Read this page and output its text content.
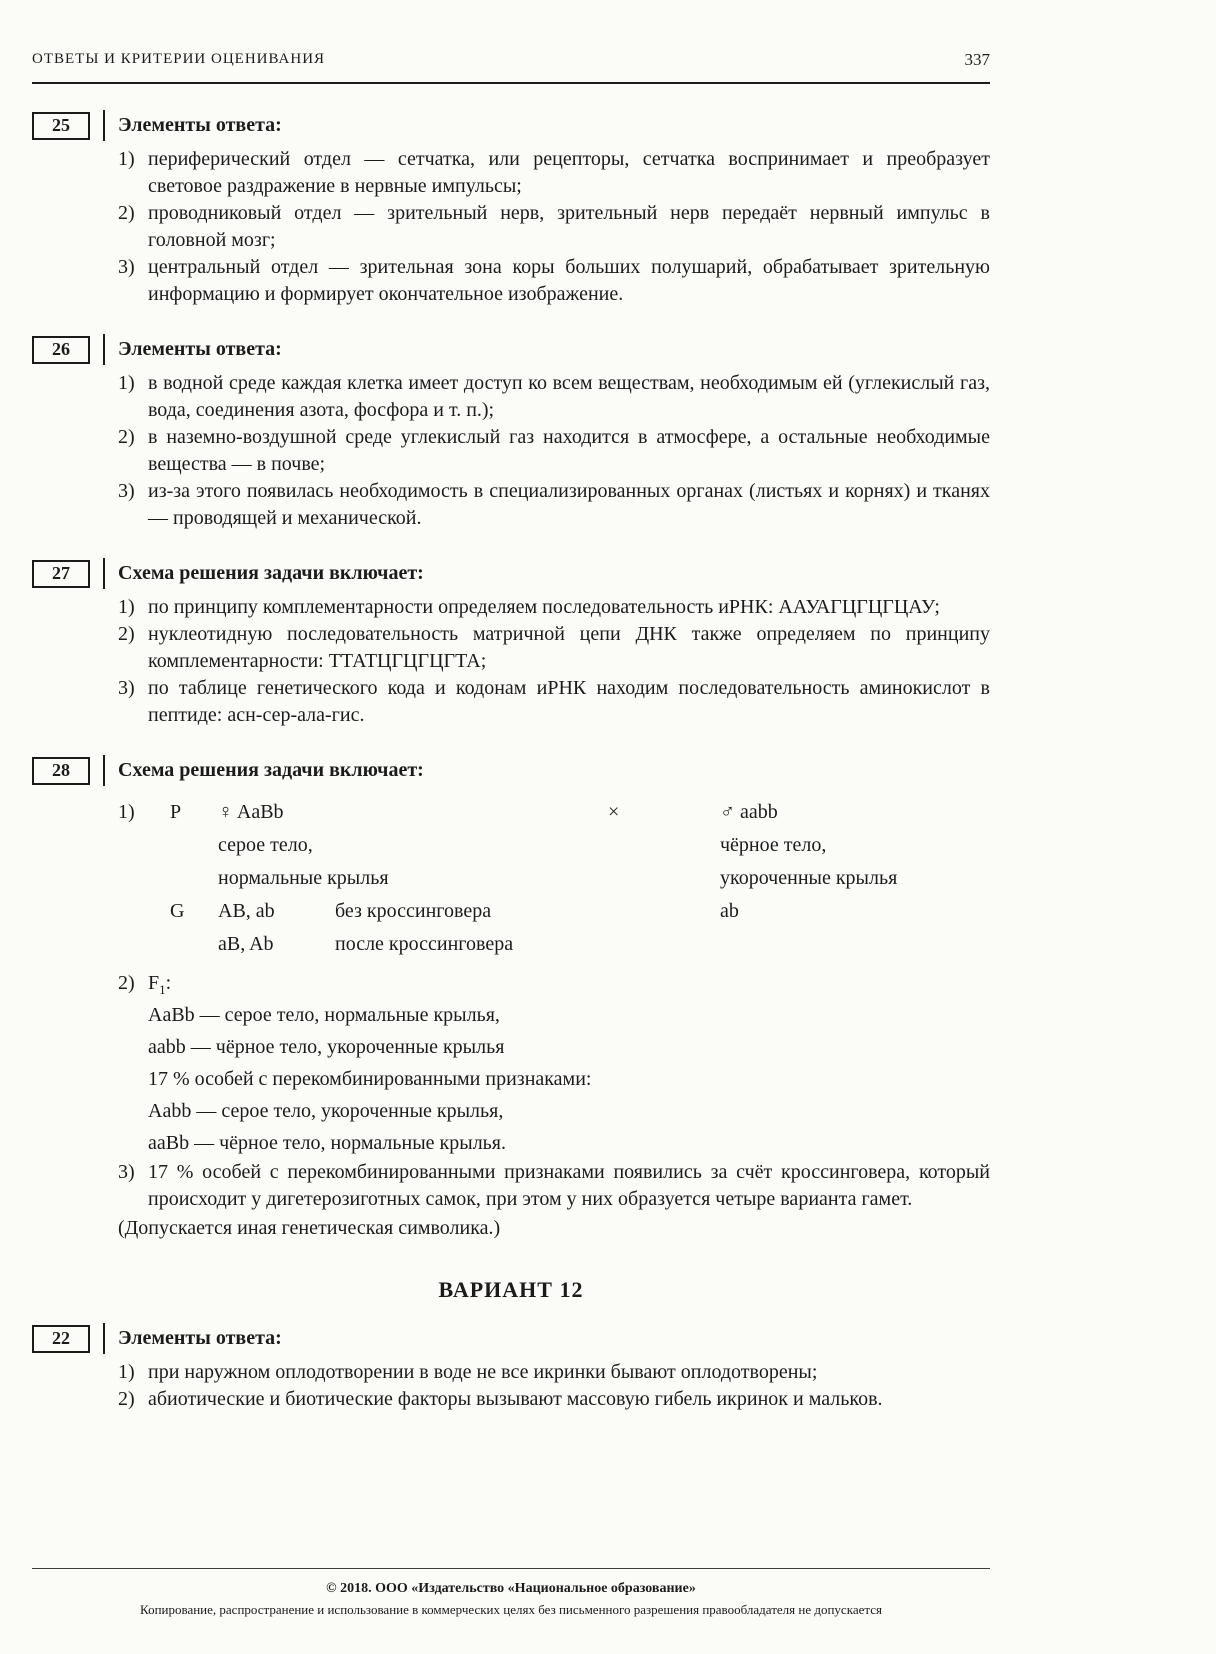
ОТВЕТЫ И КРИТЕРИИ ОЦЕНИВАНИЯ	337
25	Элементы ответа:
1) периферический отдел — сетчатка, или рецепторы, сетчатка воспринимает и преобразует световое раздражение в нервные импульсы;
2) проводниковый отдел — зрительный нерв, зрительный нерв передаёт нервный импульс в головной мозг;
3) центральный отдел — зрительная зона коры больших полушарий, обрабатывает зрительную информацию и формирует окончательное изображение.
26	Элементы ответа:
1) в водной среде каждая клетка имеет доступ ко всем веществам, необходимым ей (углекислый газ, вода, соединения азота, фосфора и т. п.);
2) в наземно-воздушной среде углекислый газ находится в атмосфере, а остальные необходимые вещества — в почве;
3) из-за этого появилась необходимость в специализированных органах (листьях и корнях) и тканях — проводящей и механической.
27	Схема решения задачи включает:
1) по принципу комплементарности определяем последовательность иРНК: ААУАГЦГЦГЦАУ;
2) нуклеотидную последовательность матричной цепи ДНК также определяем по принципу комплементарности: ТТАТЦГЦГЦГТА;
3) по таблице генетического кода и кодонам иРНК находим последовательность аминокислот в пептиде: асн-сер-ала-гис.
28	Схема решения задачи включает:
1)	P	♀ AaBb	×	♂ aabb
серое тело,	чёрное тело,
нормальные крылья	укороченные крылья
G	AB, ab	без кроссинговера	ab
aB, Ab	после кроссинговера
2) $F_1$:
AaBb — серое тело, нормальные крылья,
aabb — чёрное тело, укороченные крылья
17 % особей с перекомбинированными признаками:
Aabb — серое тело, укороченные крылья,
aaBb — чёрное тело, нормальные крылья.
3) 17 % особей с перекомбинированными признаками появились за счёт кроссинговера, который происходит у дигетерозиготных самок, при этом у них образуется четыре варианта гамет.
(Допускается иная генетическая символика.)
ВАРИАНТ 12
22	Элементы ответа:
1) при наружном оплодотворении в воде не все икринки бывают оплодотворены;
2) абиотические и биотические факторы вызывают массовую гибель икринок и мальков.
© 2018. ООО «Издательство «Национальное образование»
Копирование, распространение и использование в коммерческих целях без письменного разрешения правообладателя не допускается
